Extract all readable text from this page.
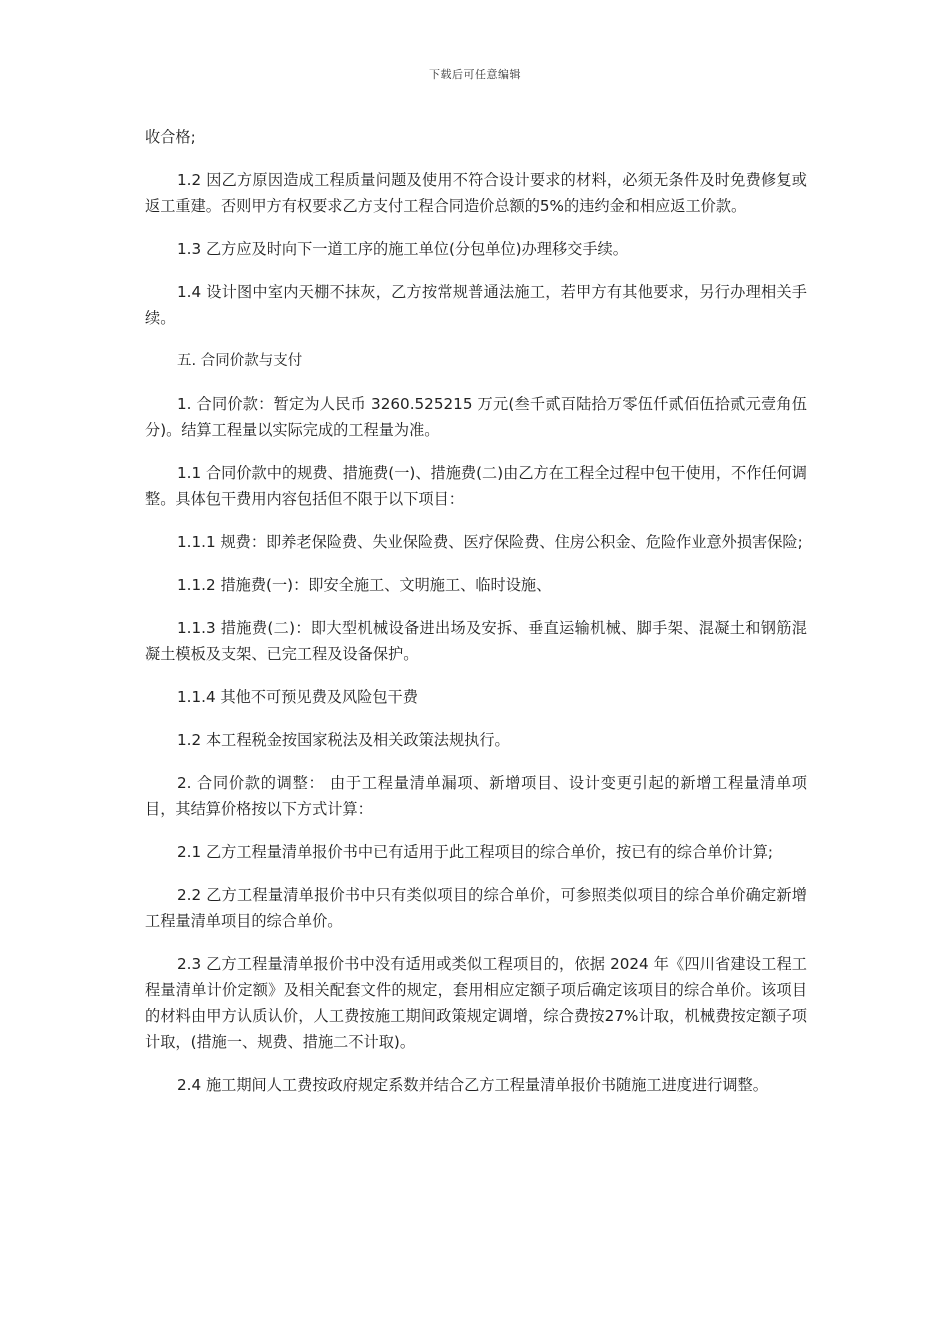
下载后可任意编辑

收合格;

1.2 因乙方原因造成工程质量问题及使用不符合设计要求的材料，必须无条件及时免费修复或返工重建。否则甲方有权要求乙方支付工程合同造价总额的5%的违约金和相应返工价款。

1.3 乙方应及时向下一道工序的施工单位(分包单位)办理移交手续。

1.4 设计图中室内天棚不抹灰，乙方按常规普通法施工，若甲方有其他要求，另行办理相关手续。

五. 合同价款与支付

1. 合同价款：暂定为人民币 3260.525215 万元(叁千贰百陆拾万零伍仟贰佰伍拾贰元壹角伍分)。结算工程量以实际完成的工程量为准。

1.1 合同价款中的规费、措施费(一)、措施费(二)由乙方在工程全过程中包干使用，不作任何调整。具体包干费用内容包括但不限于以下项目：

1.1.1 规费：即养老保险费、失业保险费、医疗保险费、住房公积金、危险作业意外损害保险;

1.1.2 措施费(一)：即安全施工、文明施工、临时设施、

1.1.3 措施费(二)：即大型机械设备进出场及安拆、垂直运输机械、脚手架、混凝土和钢筋混凝土模板及支架、已完工程及设备保护。

1.1.4 其他不可预见费及风险包干费

1.2 本工程税金按国家税法及相关政策法规执行。

2. 合同价款的调整： 由于工程量清单漏项、新增项目、设计变更引起的新增工程量清单项目，其结算价格按以下方式计算：

2.1 乙方工程量清单报价书中已有适用于此工程项目的综合单价，按已有的综合单价计算;

2.2 乙方工程量清单报价书中只有类似项目的综合单价，可参照类似项目的综合单价确定新增工程量清单项目的综合单价。

2.3 乙方工程量清单报价书中没有适用或类似工程项目的，依据 2024 年《四川省建设工程工程量清单计价定额》及相关配套文件的规定，套用相应定额子项后确定该项目的综合单价。该项目的材料由甲方认质认价，人工费按施工期间政策规定调增，综合费按27%计取，机械费按定额子项计取，(措施一、规费、措施二不计取)。

2.4 施工期间人工费按政府规定系数并结合乙方工程量清单报价书随施工进度进行调整。
